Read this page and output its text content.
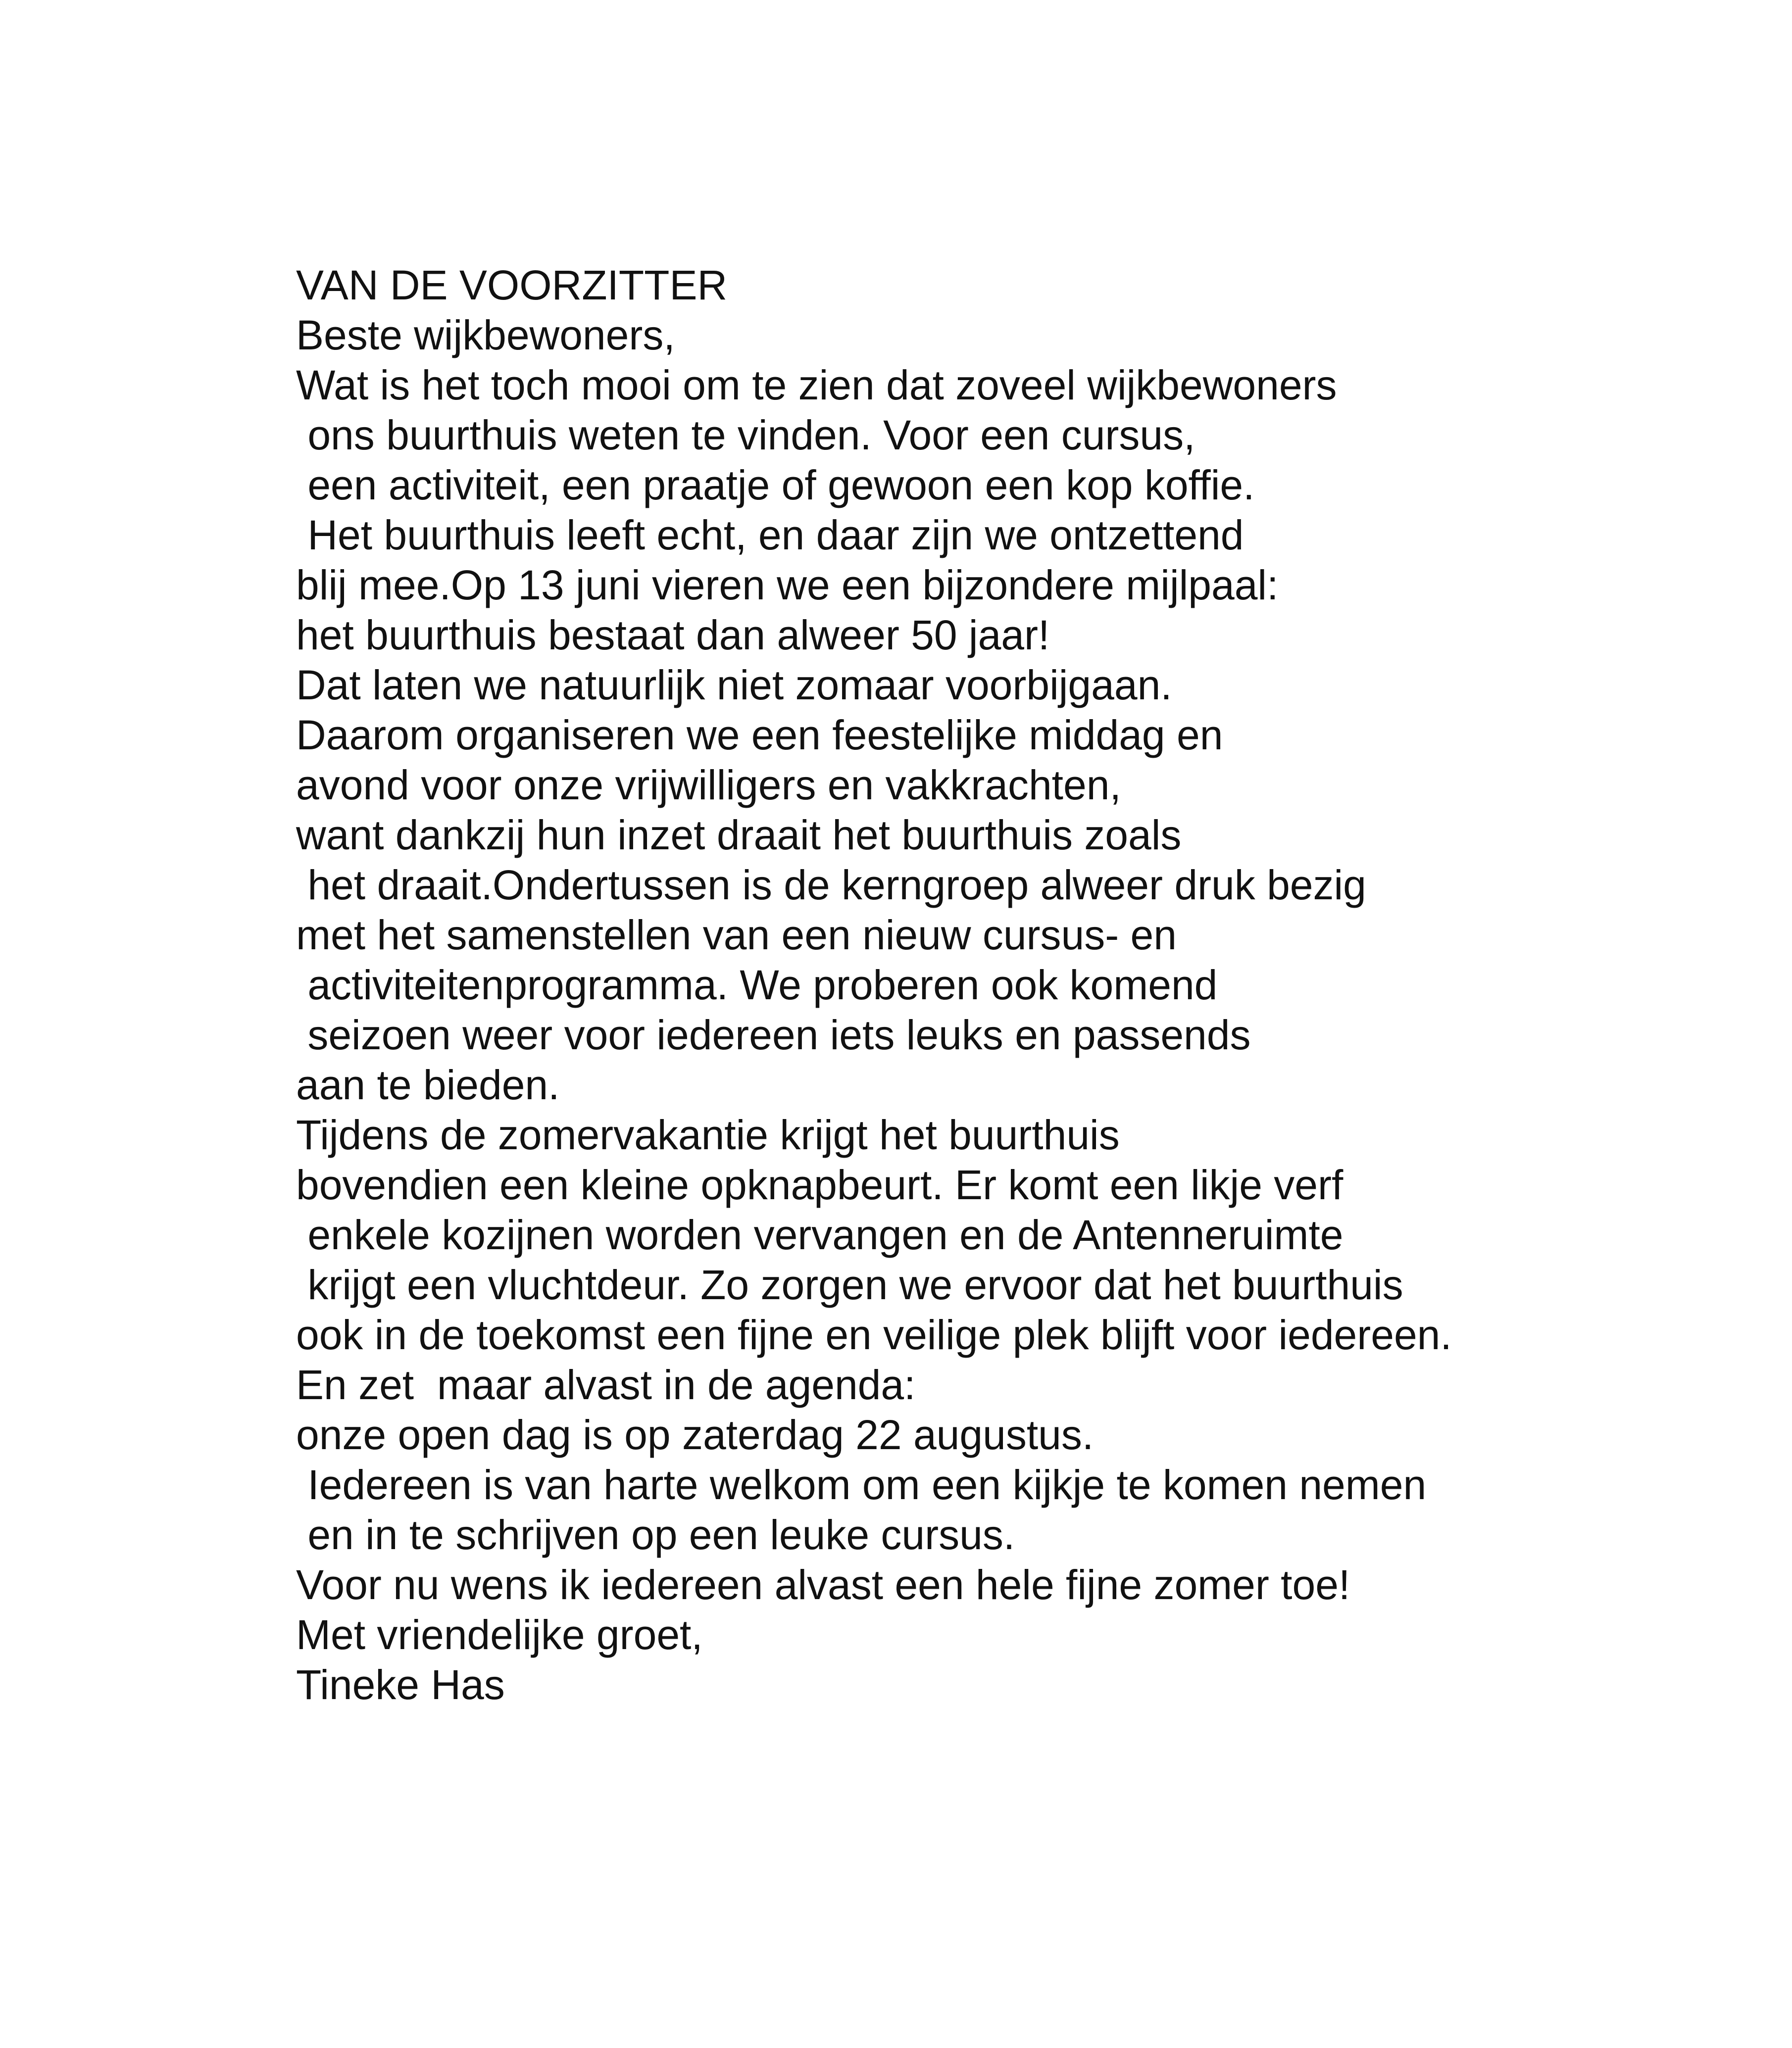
VAN DE VOORZITTER
Beste wijkbewoners,
Wat is het toch mooi om te zien dat zoveel wijkbewoners
ons buurthuis weten te vinden. Voor een cursus,
een activiteit, een praatje of gewoon een kop koffie.
Het buurthuis leeft echt, en daar zijn we ontzettend
blij mee.Op 13 juni vieren we een bijzondere mijlpaal:
het buurthuis bestaat dan alweer 50 jaar!
Dat laten we natuurlijk niet zomaar voorbijgaan.
Daarom organiseren we een feestelijke middag en
avond voor onze vrijwilligers en vakkrachten,
want dankzij hun inzet draait het buurthuis zoals
het draait.Ondertussen is de kerngroep alweer druk bezig
met het samenstellen van een nieuw cursus- en
activiteitenprogramma. We proberen ook komend
seizoen weer voor iedereen iets leuks en passends
aan te bieden.
Tijdens de zomervakantie krijgt het buurthuis
bovendien een kleine opknapbeurt. Er komt een likje verf
enkele kozijnen worden vervangen en de Antenneruimte
krijgt een vluchtdeur. Zo zorgen we ervoor dat het buurthuis
ook in de toekomst een fijne en veilige plek blijft voor iedereen.
En zet  maar alvast in de agenda:
onze open dag is op zaterdag 22 augustus.
Iedereen is van harte welkom om een kijkje te komen nemen
en in te schrijven op een leuke cursus.
Voor nu wens ik iedereen alvast een hele fijne zomer toe!
Met vriendelijke groet,
Tineke Has
